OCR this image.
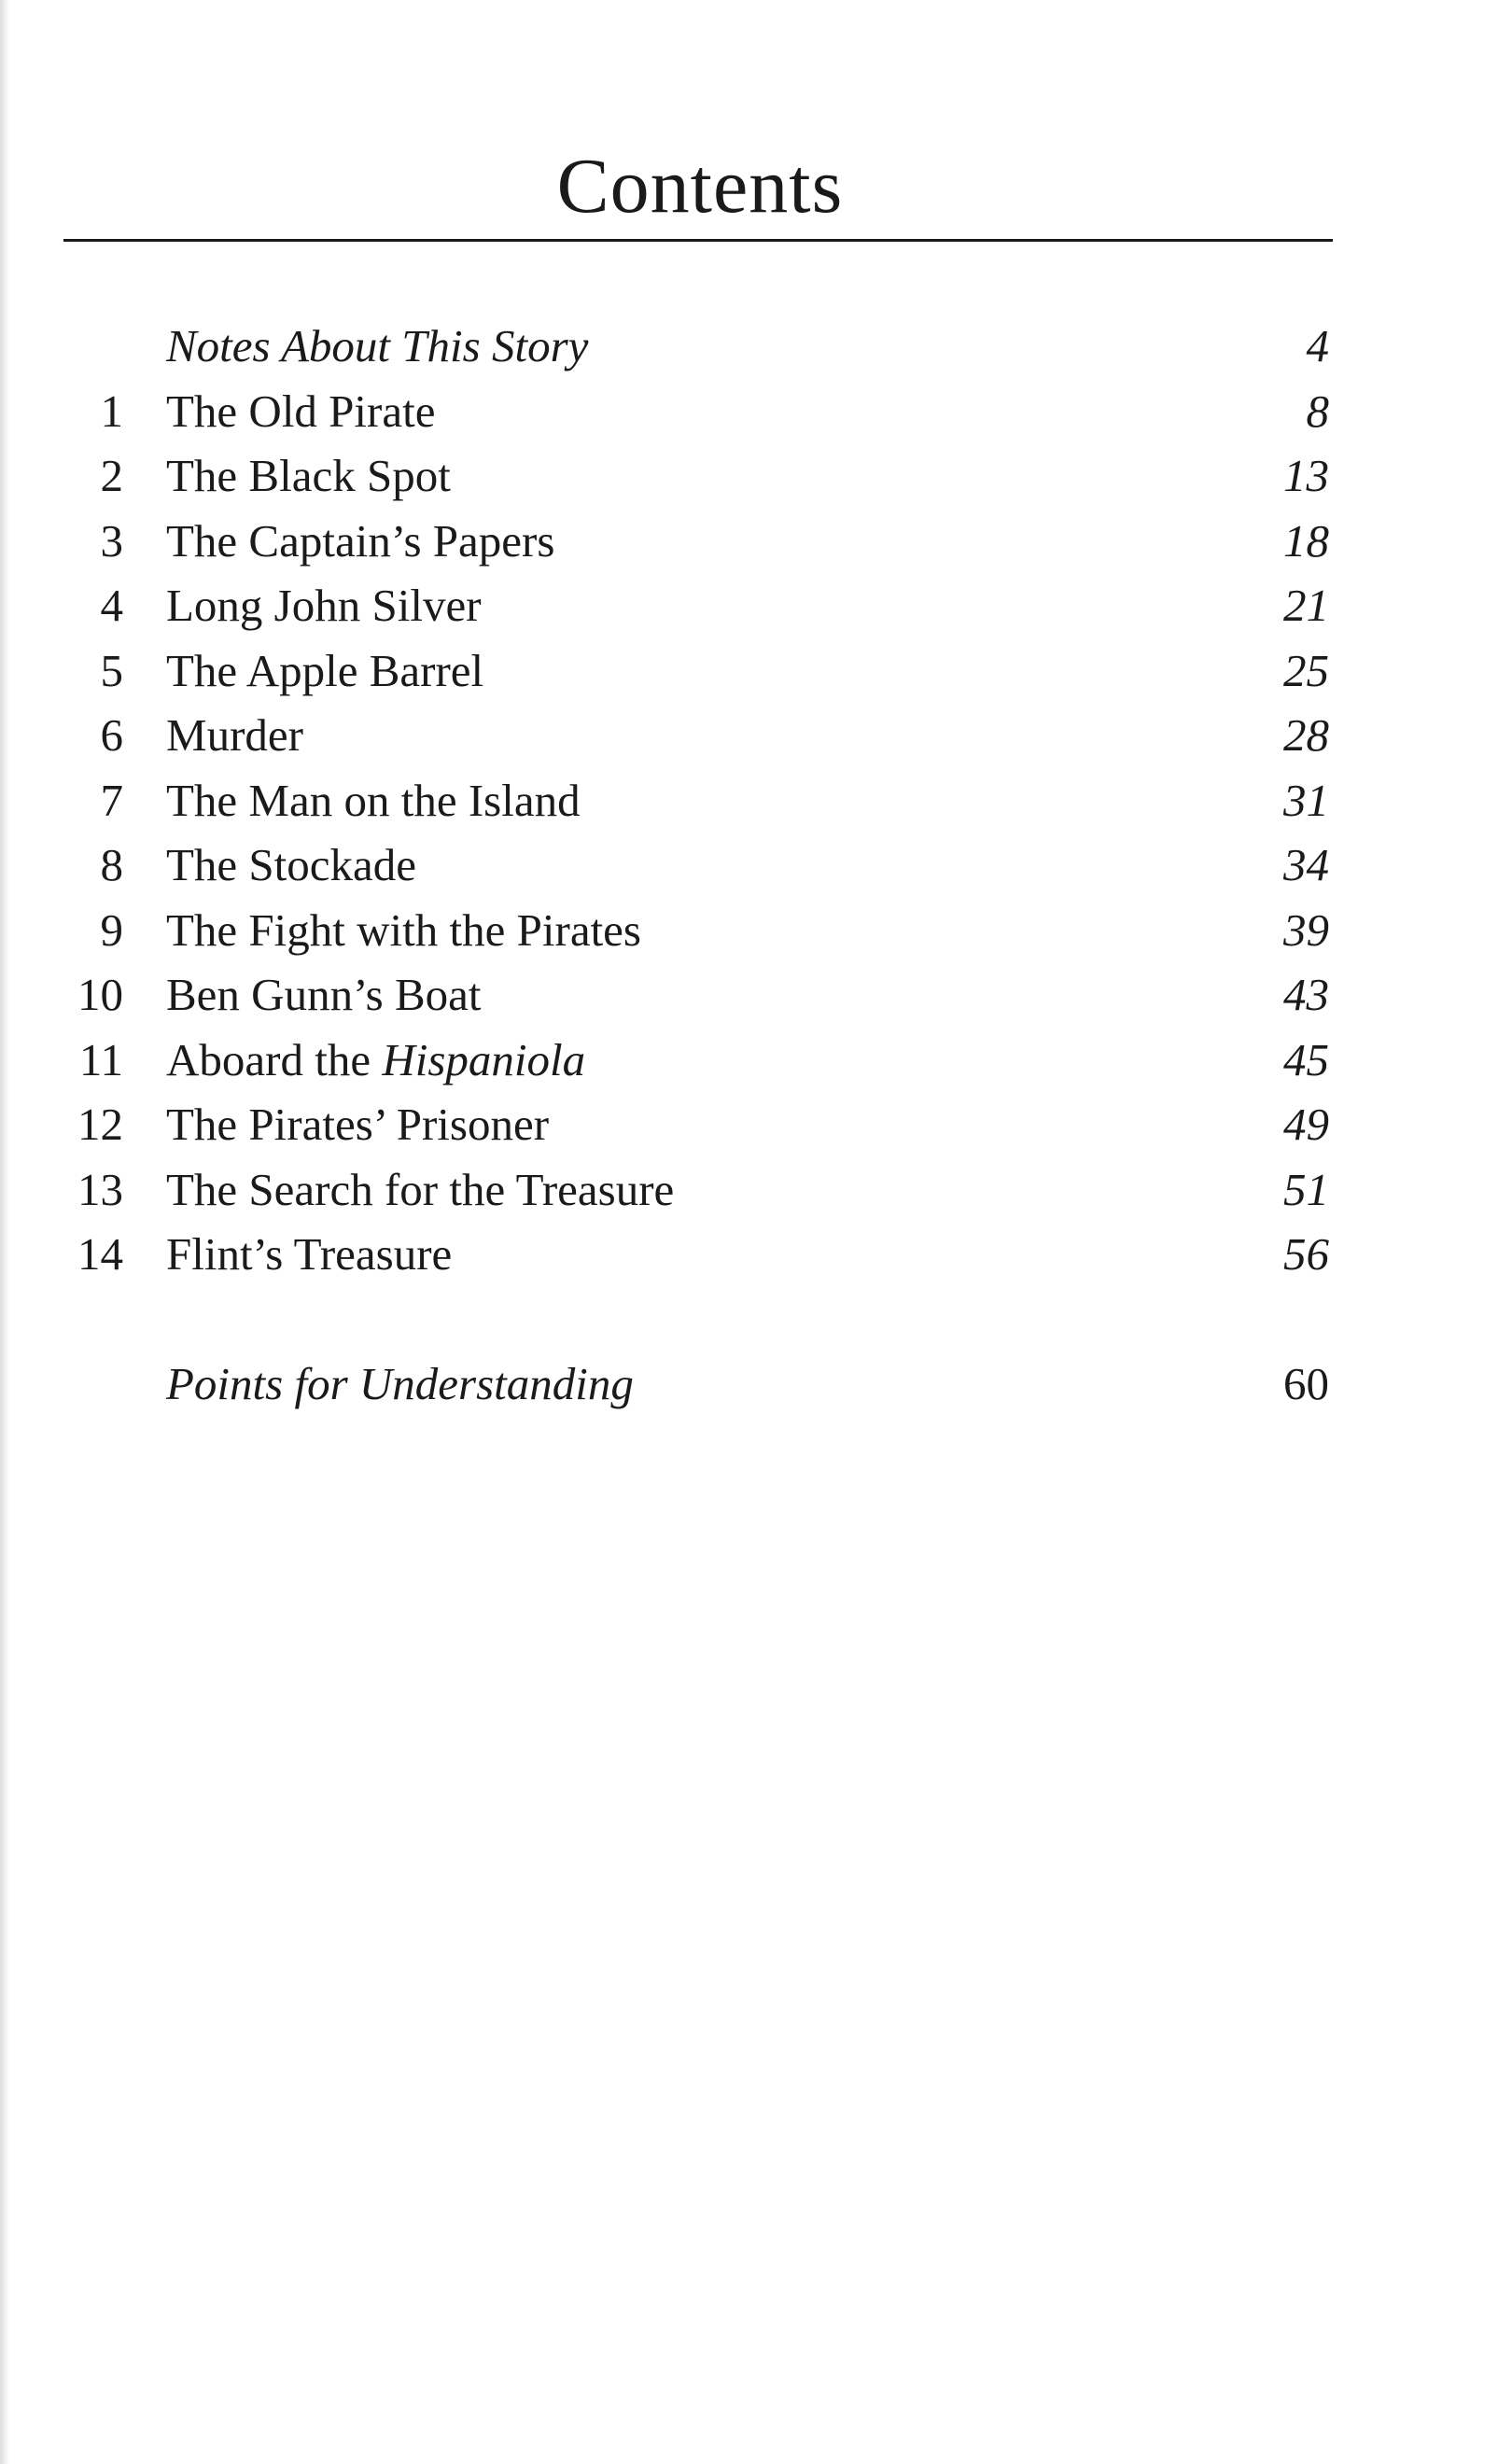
Contents
Notes About This Story	4
1 The Old Pirate	8
2 The Black Spot	13
3 The Captain’s Papers	18
4 Long John Silver	21
5 The Apple Barrel	25
6 Murder	28
7 The Man on the Island	31
8 The Stockade	34
9 The Fight with the Pirates	39
10 Ben Gunn’s Boat	43
11 Aboard the Hispaniola	45
12 The Pirates’ Prisoner	49
13 The Search for the Treasure	51
14 Flint’s Treasure	56
Points for Understanding	60
